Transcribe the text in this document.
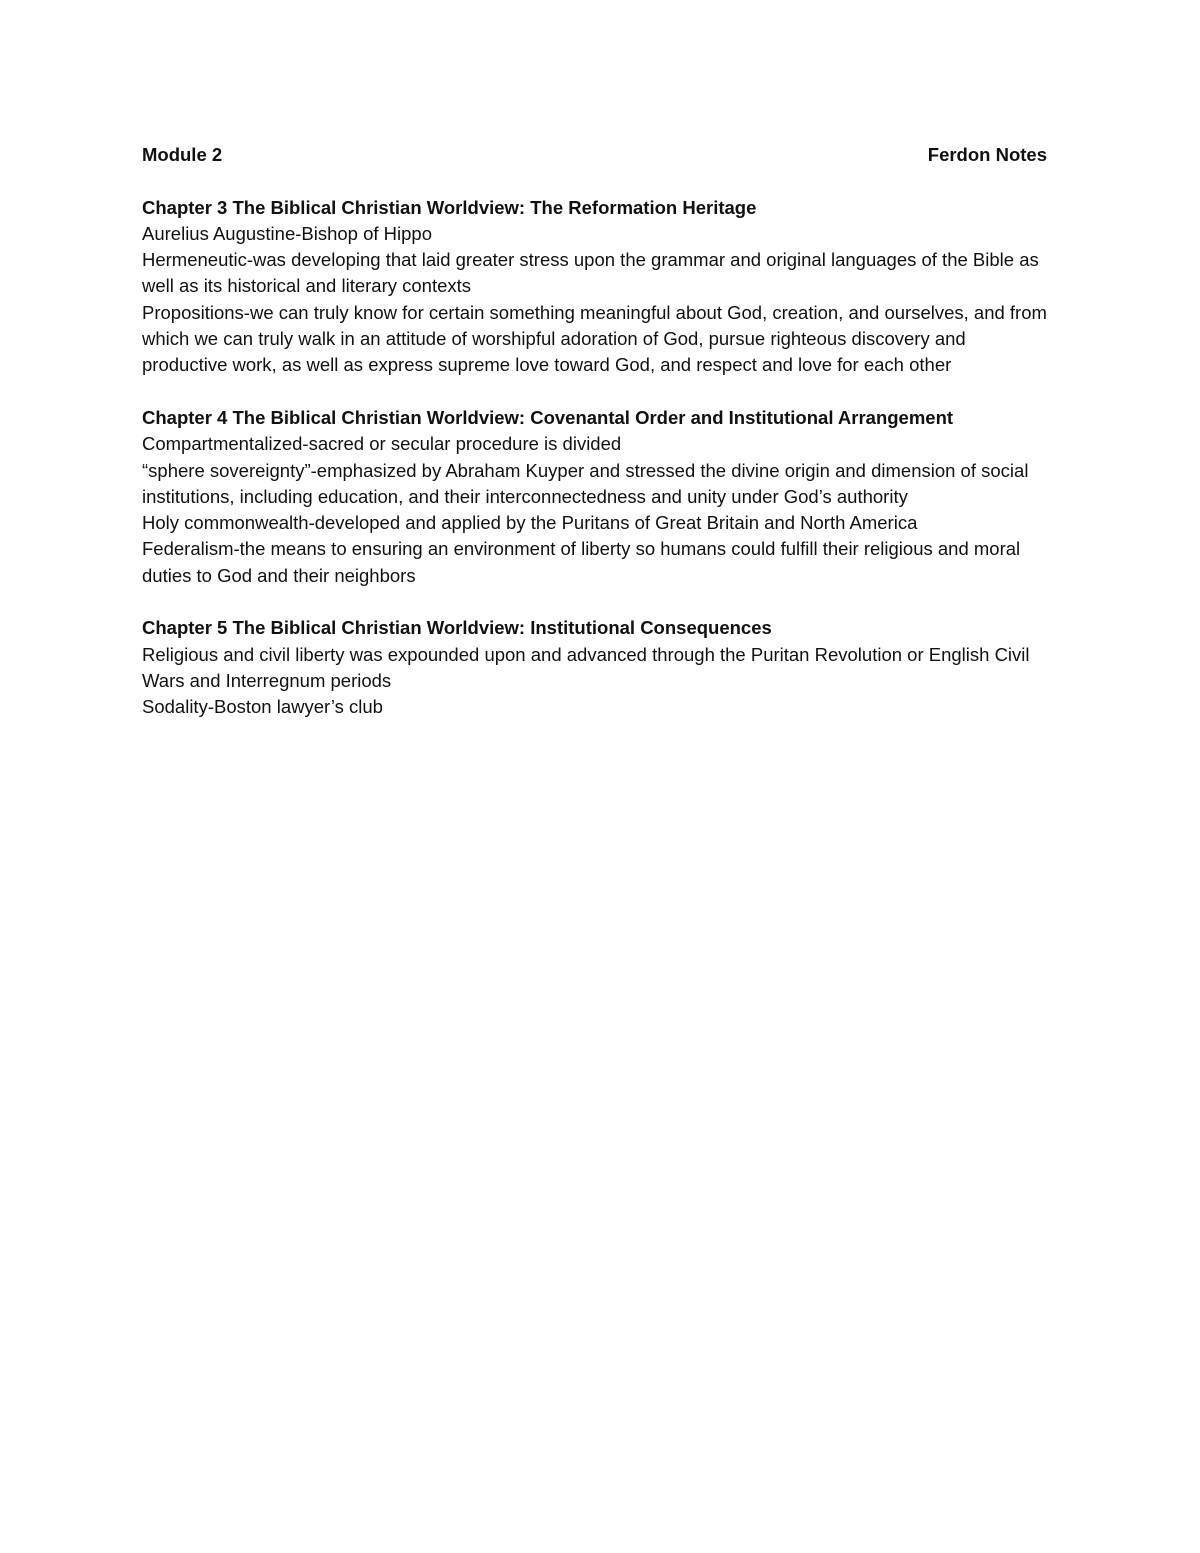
Module 2	Ferdon Notes

Chapter 3 The Biblical Christian Worldview: The Reformation Heritage

Aurelius Augustine-Bishop of Hippo

Hermeneutic-was developing that laid greater stress upon the grammar and original languages of the Bible as well as its historical and literary contexts

Propositions-we can truly know for certain something meaningful about God, creation, and ourselves, and from which we can truly walk in an attitude of worshipful adoration of God, pursue righteous discovery and productive work, as well as express supreme love toward God, and respect and love for each other

Chapter 4 The Biblical Christian Worldview: Covenantal Order and Institutional Arrangement

Compartmentalized-sacred or secular procedure is divided

“sphere sovereignty”-emphasized by Abraham Kuyper and stressed the divine origin and dimension of social institutions, including education, and their interconnectedness and unity under God’s authority

Holy commonwealth-developed and applied by the Puritans of Great Britain and North America

Federalism-the means to ensuring an environment of liberty so humans could fulfill their religious and moral duties to God and their neighbors

Chapter 5 The Biblical Christian Worldview: Institutional Consequences

Religious and civil liberty was expounded upon and advanced through the Puritan Revolution or English Civil Wars and Interregnum periods

Sodality-Boston lawyer’s club
